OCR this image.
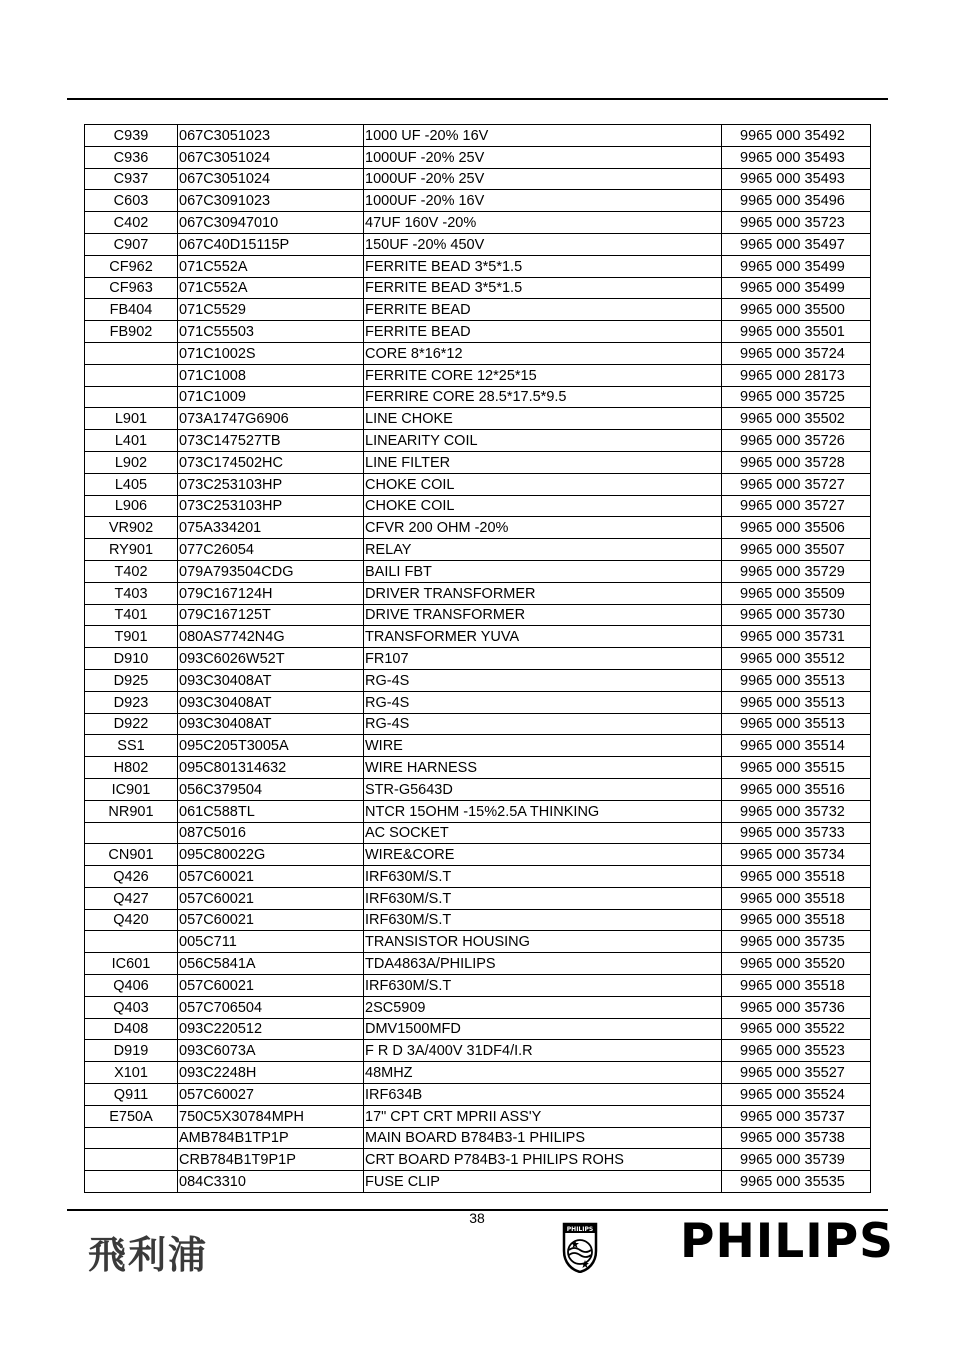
C939	067C3051023	1000 UF -20% 16V	9965 000 35492
C936	067C3051024	1000UF -20% 25V	9965 000 35493
C937	067C3051024	1000UF -20% 25V	9965 000 35493
C603	067C3091023	1000UF -20% 16V	9965 000 35496
C402	067C30947010	47UF 160V -20%	9965 000 35723
C907	067C40D15115P	150UF -20% 450V	9965 000 35497
CF962	071C552A	FERRITE BEAD 3*5*1.5	9965 000 35499
CF963	071C552A	FERRITE BEAD 3*5*1.5	9965 000 35499
FB404	071C5529	FERRITE BEAD	9965 000 35500
FB902	071C55503	FERRITE BEAD	9965 000 35501
	071C1002S	CORE 8*16*12	9965 000 35724
	071C1008	FERRITE CORE 12*25*15	9965 000 28173
	071C1009	FERRIRE CORE 28.5*17.5*9.5	9965 000 35725
L901	073A1747G6906	LINE CHOKE	9965 000 35502
L401	073C147527TB	LINEARITY COIL	9965 000 35726
L902	073C174502HC	LINE FILTER	9965 000 35728
L405	073C253103HP	CHOKE COIL	9965 000 35727
L906	073C253103HP	CHOKE COIL	9965 000 35727
VR902	075A334201	CFVR 200 OHM -20%	9965 000 35506
RY901	077C26054	RELAY	9965 000 35507
T402	079A793504CDG	BAILI FBT	9965 000 35729
T403	079C167124H	DRIVER TRANSFORMER	9965 000 35509
T401	079C167125T	DRIVE TRANSFORMER	9965 000 35730
T901	080AS7742N4G	TRANSFORMER YUVA	9965 000 35731
D910	093C6026W52T	FR107	9965 000 35512
D925	093C30408AT	RG-4S	9965 000 35513
D923	093C30408AT	RG-4S	9965 000 35513
D922	093C30408AT	RG-4S	9965 000 35513
SS1	095C205T3005A	WIRE	9965 000 35514
H802	095C801314632	WIRE HARNESS	9965 000 35515
IC901	056C379504	STR-G5643D	9965 000 35516
NR901	061C588TL	NTCR 15OHM -15%2.5A THINKING	9965 000 35732
	087C5016	AC SOCKET	9965 000 35733
CN901	095C80022G	WIRE&CORE	9965 000 35734
Q426	057C60021	IRF630M/S.T	9965 000 35518
Q427	057C60021	IRF630M/S.T	9965 000 35518
Q420	057C60021	IRF630M/S.T	9965 000 35518
	005C711	TRANSISTOR HOUSING	9965 000 35735
IC601	056C5841A	TDA4863A/PHILIPS	9965 000 35520
Q406	057C60021	IRF630M/S.T	9965 000 35518
Q403	057C706504	2SC5909	9965 000 35736
D408	093C220512	DMV1500MFD	9965 000 35522
D919	093C6073A	F R D 3A/400V 31DF4/I.R	9965 000 35523
X101	093C2248H	48MHZ	9965 000 35527
Q911	057C60027	IRF634B	9965 000 35524
E750A	750C5X30784MPH	17" CPT CRT MPRII ASS'Y	9965 000 35737
	AMB784B1TP1P	MAIN BOARD B784B3-1 PHILIPS	9965 000 35738
	CRB784B1T9P1P	CRT BOARD P784B3-1 PHILIPS ROHS	9965 000 35739
	084C3310	FUSE CLIP	9965 000 35535
38
飛利浦
PHILIPS PHILIPS
